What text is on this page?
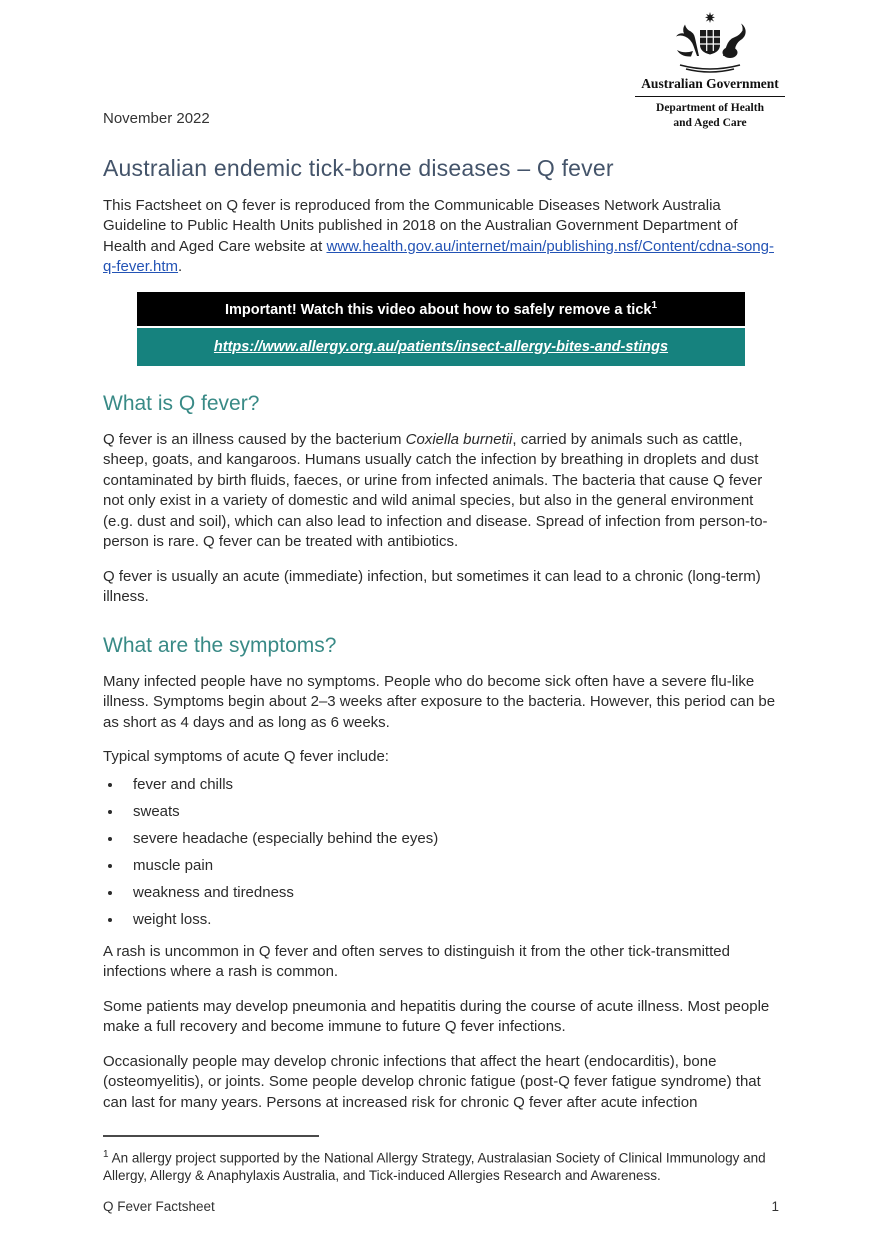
November 2022
Australian Government
Department of Health
and Aged Care
Australian endemic tick-borne diseases – Q fever

This Factsheet on Q fever is reproduced from the Communicable Diseases Network Australia Guideline to Public Health Units published in 2018 on the Australian Government Department of Health and Aged Care website at www.health.gov.au/internet/main/publishing.nsf/Content/cdna-song-q-fever.htm.

Important! Watch this video about how to safely remove a tick$^1$
https://www.allergy.org.au/patients/insect-allergy-bites-and-stings
What is Q fever?

Q fever is an illness caused by the bacterium Coxiella burnetii, carried by animals such as cattle, sheep, goats, and kangaroos. Humans usually catch the infection by breathing in droplets and dust contaminated by birth fluids, faeces, or urine from infected animals. The bacteria that cause Q fever not only exist in a variety of domestic and wild animal species, but also in the general environment (e.g. dust and soil), which can also lead to infection and disease. Spread of infection from person-to-person is rare. Q fever can be treated with antibiotics.

Q fever is usually an acute (immediate) infection, but sometimes it can lead to a chronic (long-term) illness.

What are the symptoms?

Many infected people have no symptoms. People who do become sick often have a severe flu-like illness. Symptoms begin about 2–3 weeks after exposure to the bacteria. However, this period can be as short as 4 days and as long as 6 weeks.

Typical symptoms of acute Q fever include:

• fever and chills
• sweats
• severe headache (especially behind the eyes)
• muscle pain
• weakness and tiredness
• weight loss.

A rash is uncommon in Q fever and often serves to distinguish it from the other tick-transmitted infections where a rash is common.

Some patients may develop pneumonia and hepatitis during the course of acute illness. Most people make a full recovery and become immune to future Q fever infections.

Occasionally people may develop chronic infections that affect the heart (endocarditis), bone (osteomyelitis), or joints. Some people develop chronic fatigue (post-Q fever fatigue syndrome) that can last for many years. Persons at increased risk for chronic Q fever after acute infection

$^1$ An allergy project supported by the National Allergy Strategy, Australasian Society of Clinical Immunology and Allergy, Allergy & Anaphylaxis Australia, and Tick-induced Allergies Research and Awareness.

Q Fever Factsheet	1
